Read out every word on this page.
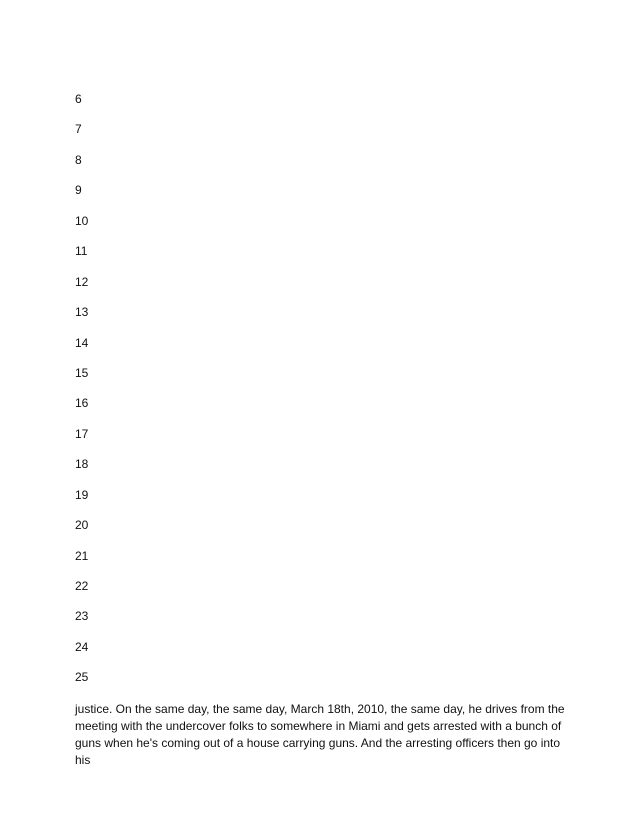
6
7
8
9
10
11
12
13
14
15
16
17
18
19
20
21
22
23
24
25

justice. On the same day, the same day, March 18th, 2010, the same day, he drives from the meeting with the undercover folks to somewhere in Miami and gets arrested with a bunch of guns when he's coming out of a house carrying guns. And the arresting officers then go into his
